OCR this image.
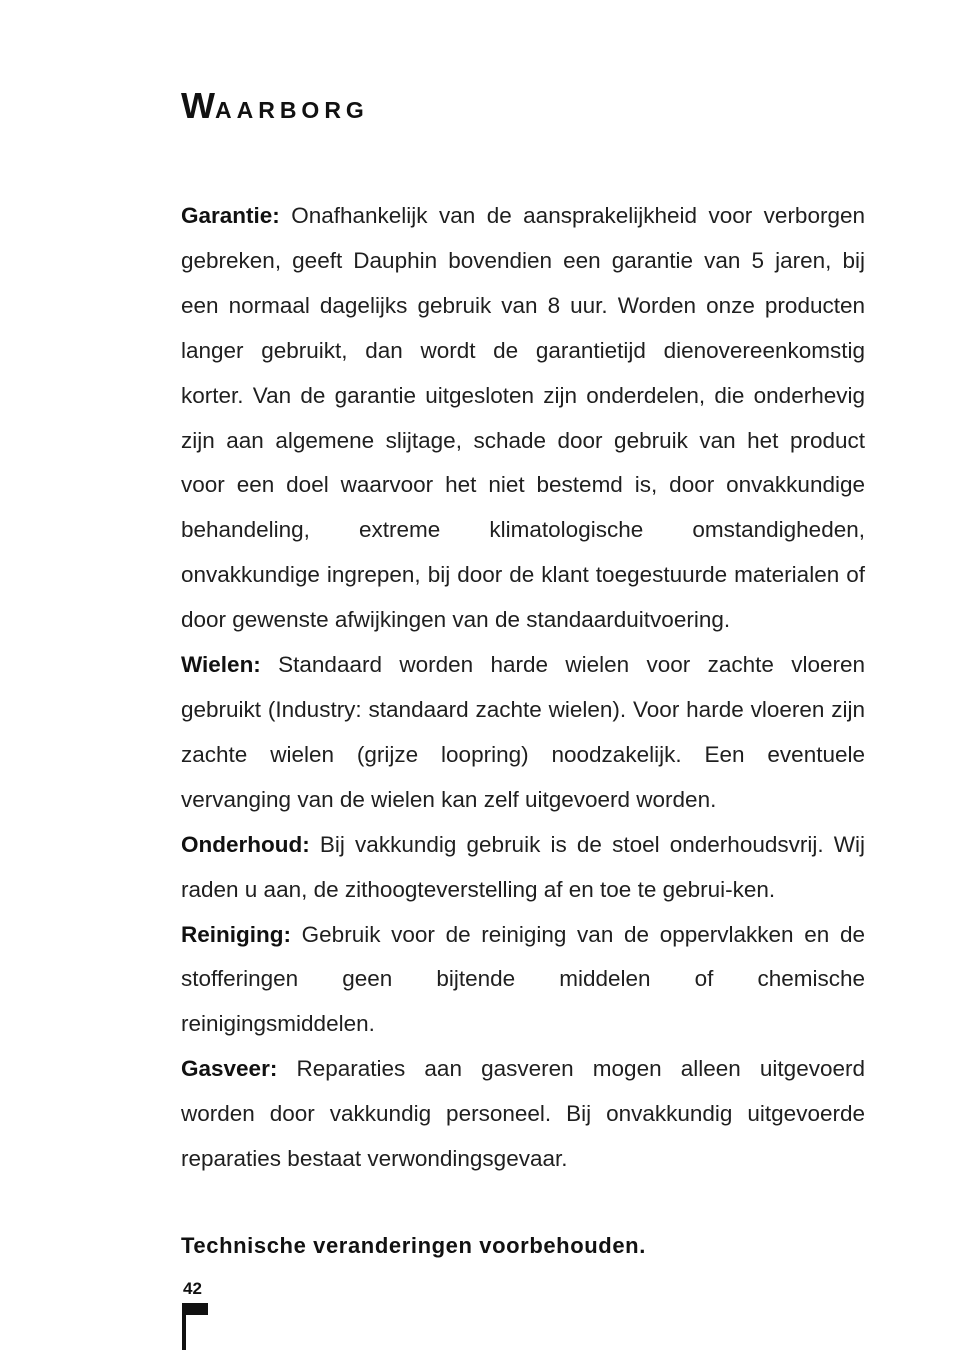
WAARBORG

Garantie: Onafhankelijk van de aansprakelijkheid voor verborgen gebreken, geeft Dauphin bovendien een garantie van 5 jaren, bij een normaal dagelijks gebruik van 8 uur. Worden onze producten langer gebruikt, dan wordt de garantietijd dienovereenkomstig korter. Van de garantie uitgesloten zijn onderdelen, die onderhevig zijn aan algemene slijtage, schade door gebruik van het product voor een doel waarvoor het niet bestemd is, door onvakkundige behandeling, extreme klimatologische omstandigheden, onvakkundige ingrepen, bij door de klant toegestuurde materialen of door gewenste afwijkingen van de standaarduitvoering.

Wielen: Standaard worden harde wielen voor zachte vloeren gebruikt (Industry: standaard zachte wielen). Voor harde vloeren zijn zachte wielen (grijze loopring) noodzakelijk. Een eventuele vervanging van de wielen kan zelf uitgevoerd worden.

Onderhoud: Bij vakkundig gebruik is de stoel onderhoudsvrij. Wij raden u aan, de zithoogteverstelling af en toe te gebrui-ken.

Reiniging: Gebruik voor de reiniging van de oppervlakken en de stofferingen geen bijtende middelen of chemische reinigingsmiddelen.

Gasveer: Reparaties aan gasveren mogen alleen uitgevoerd worden door vakkundig personeel. Bij onvakkundig uitgevoerde reparaties bestaat verwondingsgevaar.

Technische veranderingen voorbehouden.

42
